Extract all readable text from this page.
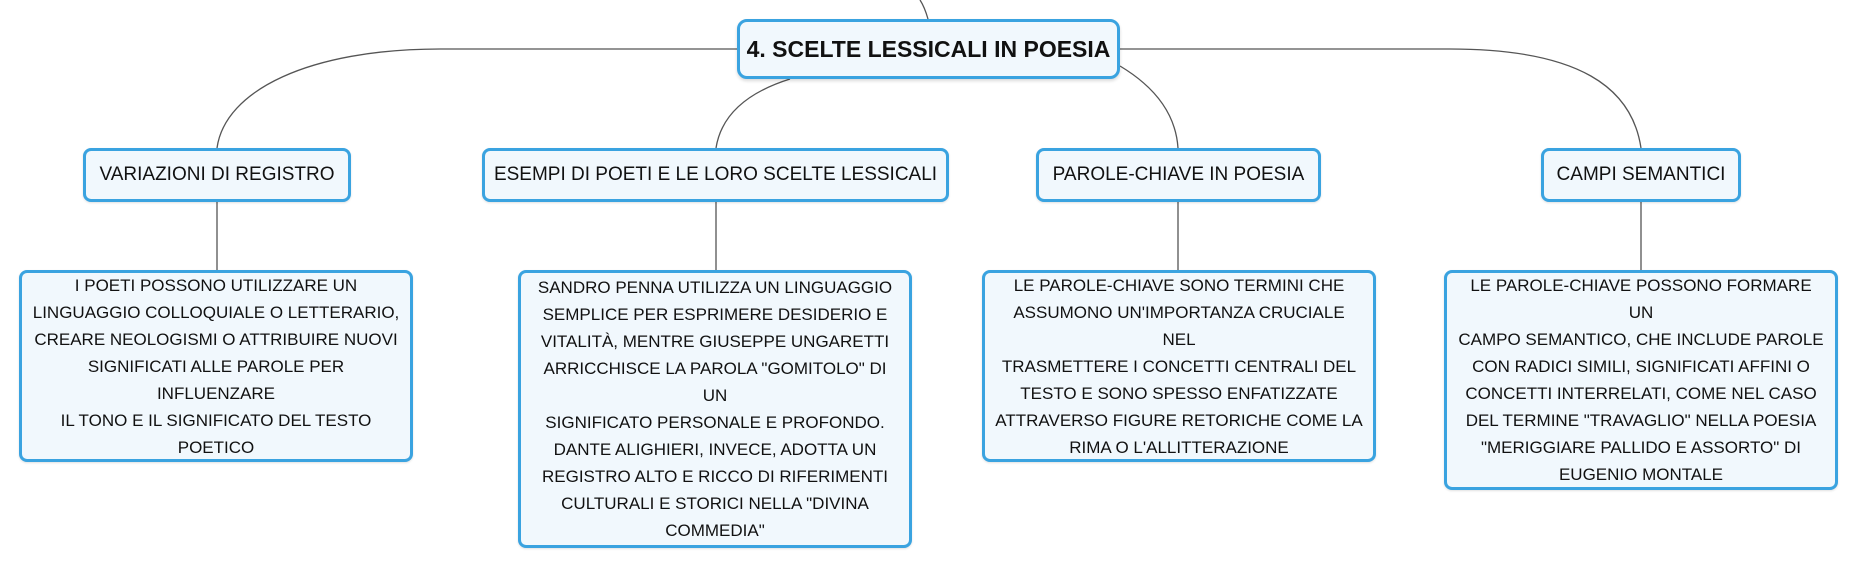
4. SCELTE LESSICALI IN POESIA
VARIAZIONI DI REGISTRO	ESEMPI DI POETI E LE LORO SCELTE LESSICALI	PAROLE-CHIAVE IN POESIA	CAMPI SEMANTICI
I POETI POSSONO UTILIZZARE UN
LINGUAGGIO COLLOQUIALE O LETTERARIO,
CREARE NEOLOGISMI O ATTRIBUIRE NUOVI
SIGNIFICATI ALLE PAROLE PER INFLUENZARE
IL TONO E IL SIGNIFICATO DEL TESTO
POETICO
SANDRO PENNA UTILIZZA UN LINGUAGGIO
SEMPLICE PER ESPRIMERE DESIDERIO E
VITALITÀ, MENTRE GIUSEPPE UNGARETTI
ARRICCHISCE LA PAROLA "GOMITOLO" DI UN
SIGNIFICATO PERSONALE E PROFONDO.
DANTE ALIGHIERI, INVECE, ADOTTA UN
REGISTRO ALTO E RICCO DI RIFERIMENTI
CULTURALI E STORICI NELLA "DIVINA
COMMEDIA"
LE PAROLE-CHIAVE SONO TERMINI CHE
ASSUMONO UN'IMPORTANZA CRUCIALE NEL
TRASMETTERE I CONCETTI CENTRALI DEL
TESTO E SONO SPESSO ENFATIZZATE
ATTRAVERSO FIGURE RETORICHE COME LA
RIMA O L'ALLITTERAZIONE
LE PAROLE-CHIAVE POSSONO FORMARE UN
CAMPO SEMANTICO, CHE INCLUDE PAROLE
CON RADICI SIMILI, SIGNIFICATI AFFINI O
CONCETTI INTERRELATI, COME NEL CASO
DEL TERMINE "TRAVAGLIO" NELLA POESIA
"MERIGGIARE PALLIDO E ASSORTO" DI
EUGENIO MONTALE
